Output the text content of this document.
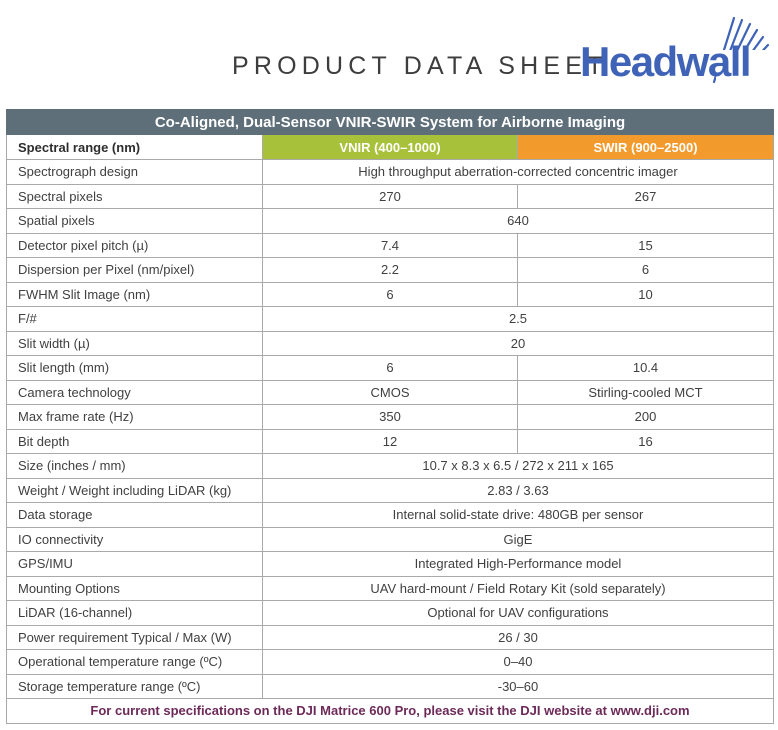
PRODUCT DATA SHEET
Headwall
Co-Aligned, Dual-Sensor VNIR-SWIR System for Airborne Imaging		
Spectral range (nm)	VNIR (400–1000)	SWIR (900–2500)
Spectrograph design	High throughput aberration-corrected concentric imager	
Spectral pixels	270	267
Spatial pixels	640	
Detector pixel pitch (µ)	7.4	15
Dispersion per Pixel (nm/pixel)	2.2	6
FWHM Slit Image (nm)	6	10
F/#	2.5	
Slit width (µ)	20	
Slit length (mm)	6	10.4
Camera technology	CMOS	Stirling-cooled MCT
Max frame rate (Hz)	350	200
Bit depth	12	16
Size (inches / mm)	10.7 x 8.3 x 6.5 / 272 x 211 x 165	
Weight / Weight including LiDAR (kg)	2.83 / 3.63	
Data storage	Internal solid-state drive: 480GB per sensor	
IO connectivity	GigE	
GPS/IMU	Integrated High-Performance model	
Mounting Options	UAV hard-mount / Field Rotary Kit (sold separately)	
LiDAR (16-channel)	Optional for UAV configurations	
Power requirement Typical / Max (W)	26 / 30	
Operational temperature range (ºC)	0–40	
Storage temperature range (ºC)	-30–60	
For current specifications on the DJI Matrice 600 Pro, please visit the DJI website at www.dji.com		
